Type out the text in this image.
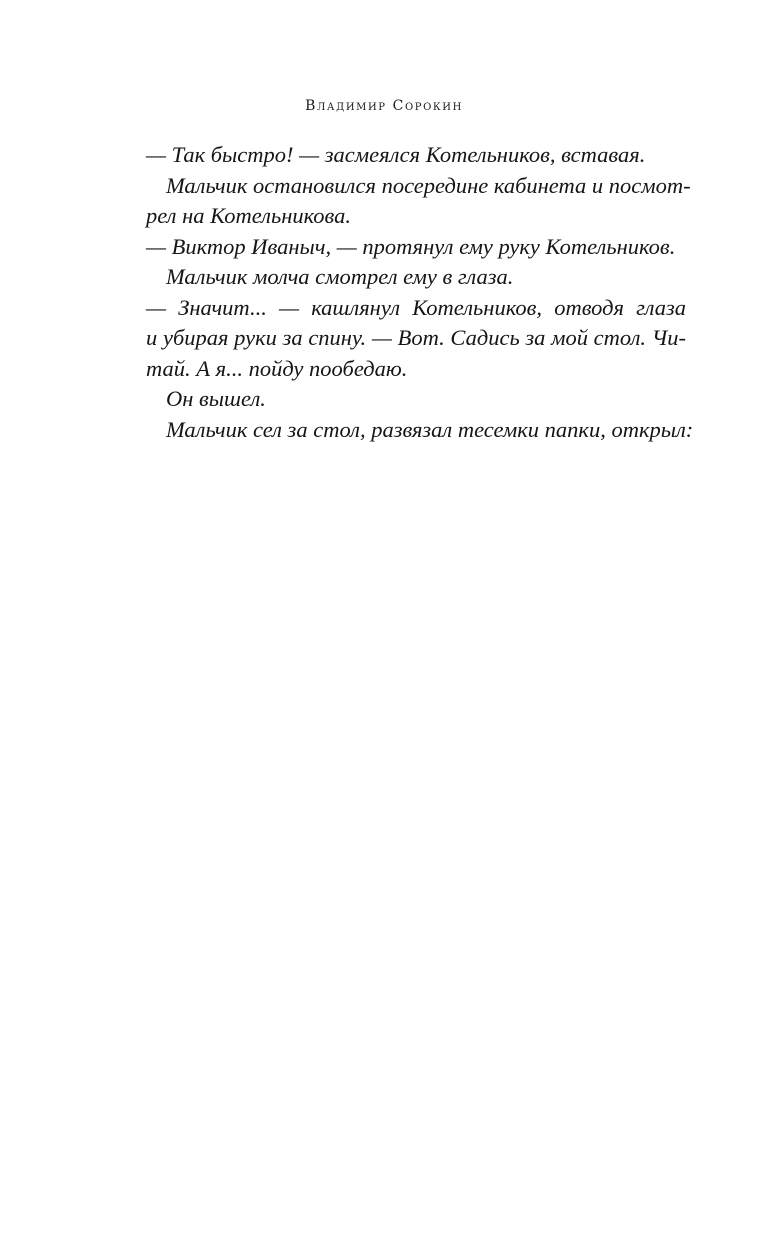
Владимир Сорокин
— Так быстро! — засмеялся Котельников, вставая.
Мальчик остановился посередине кабинета и посмот-
рел на Котельникова.
— Виктор Иваныч, — протянул ему руку Котельников.
Мальчик молча смотрел ему в глаза.
— Значит... — кашлянул Котельников, отводя глаза
и убирая руки за спину. — Вот. Садись за мой стол. Чи-
тай. А я... пойду пообедаю.
Он вышел.
Мальчик сел за стол, развязал тесемки папки, открыл:
